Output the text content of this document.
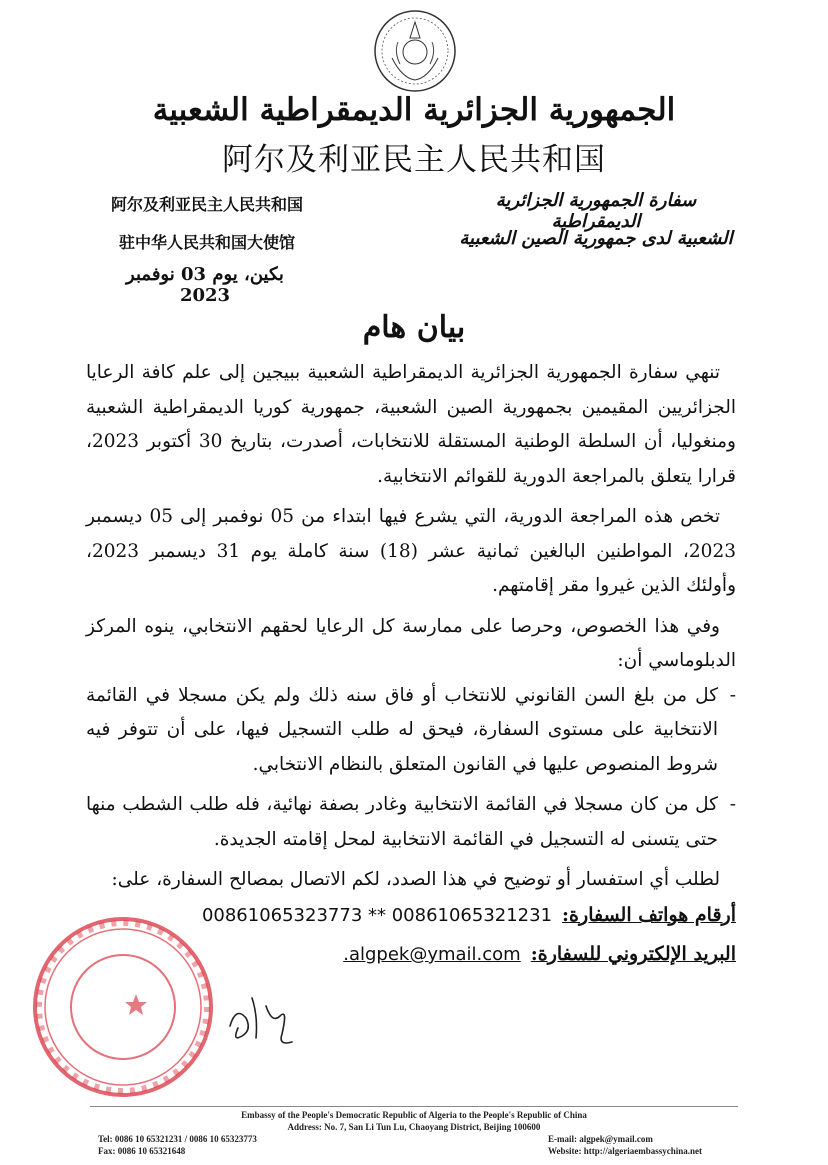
الجمهورية الجزائرية الديمقراطية الشعبية
阿尔及利亚民主人民共和国
阿尔及利亚民主人民共和国
驻中华人民共和国大使馆
سفارة الجمهورية الجزائرية الديمقراطية
الشعبية لدى جمهورية الصين الشعبية
بكين، يوم 03 نوفمبر 2023
بيان هام

تنهي سفارة الجمهورية الجزائرية الديمقراطية الشعبية ببيجين إلى علم كافة الرعايا الجزائريين المقيمين بجمهورية الصين الشعبية، جمهورية كوريا الديمقراطية الشعبية ومنغوليا، أن السلطة الوطنية المستقلة للانتخابات، أصدرت، بتاريخ 30 أكتوبر 2023، قرارا يتعلق بالمراجعة الدورية للقوائم الانتخابية.

تخص هذه المراجعة الدورية، التي يشرع فيها ابتداء من 05 نوفمبر إلى 05 ديسمبر 2023، المواطنين البالغين ثمانية عشر (18) سنة كاملة يوم 31 ديسمبر 2023، وأولئك الذين غيروا مقر إقامتهم.

وفي هذا الخصوص، وحرصا على ممارسة كل الرعايا لحقهم الانتخابي، ينوه المركز الدبلوماسي أن:

-
كل من بلغ السن القانوني للانتخاب أو فاق سنه ذلك ولم يكن مسجلا في القائمة الانتخابية على مستوى السفارة، فيحق له طلب التسجيل فيها، على أن تتوفر فيه شروط المنصوص عليها في القانون المتعلق بالنظام الانتخابي.
-
كل من كان مسجلا في القائمة الانتخابية وغادر بصفة نهائية، فله طلب الشطب منها حتى يتسنى له التسجيل في القائمة الانتخابية لمحل إقامته الجديدة.

لطلب أي استفسار أو توضيح في هذا الصدد، لكم الاتصال بمصالح السفارة، على:

أرقام هواتف السفارة:
00861065323773 ** 00861065321231
البريد الإلكتروني للسفارة:
.algpek@ymail.com
Embassy of the People's Democratic Republic of Algeria to the People's Republic of China
Address: No. 7, San Li Tun Lu, Chaoyang District, Beijing 100600
Tel: 0086 10 65321231 / 0086 10 65323773
Fax: 0086 10 65321648
E-mail: algpek@ymail.com
Website: http://algeriaembassychina.net
